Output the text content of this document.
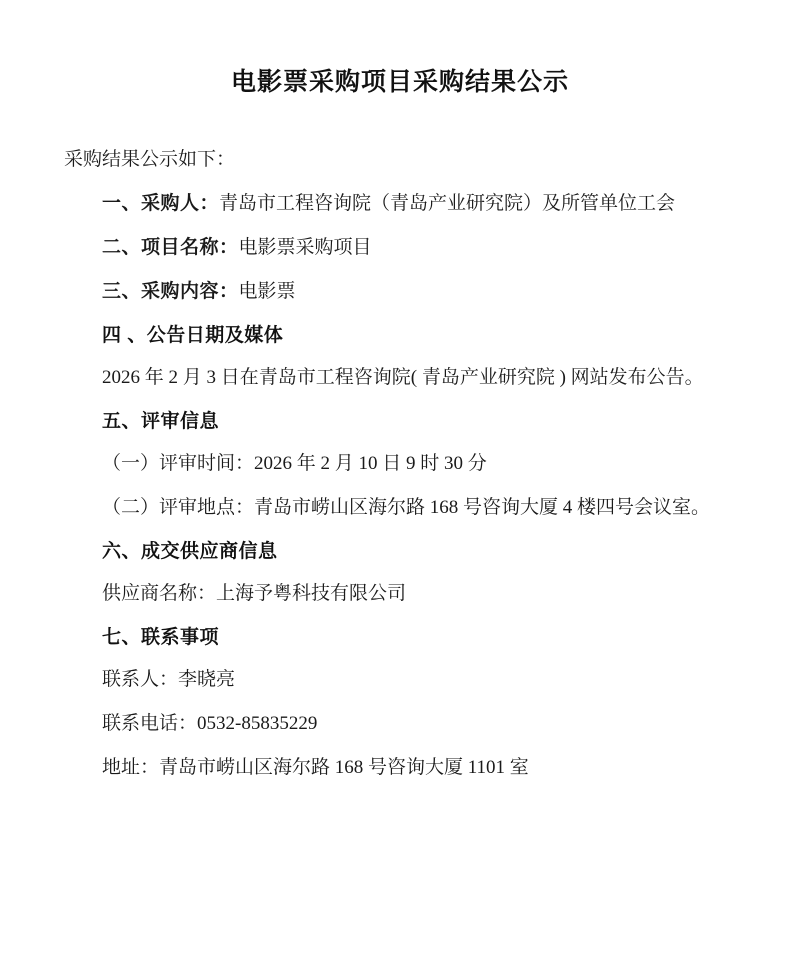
电影票采购项目采购结果公示

采购结果公示如下：

一、采购人：青岛市工程咨询院（青岛产业研究院）及所管单位工会

二、项目名称：电影票采购项目

三、采购内容：电影票

四 、公告日期及媒体

2026 年 2 月 3 日在青岛市工程咨询院( 青岛产业研究院 ) 网站发布公告。

五、评审信息

（一）评审时间：2026 年 2 月 10 日 9 时 30 分

（二）评审地点：青岛市崂山区海尔路 168 号咨询大厦 4 楼四号会议室。

六、成交供应商信息

供应商名称：上海予粤科技有限公司

七、联系事项

联系人：李晓亮

联系电话：0532-85835229

地址：青岛市崂山区海尔路 168 号咨询大厦 1101 室
